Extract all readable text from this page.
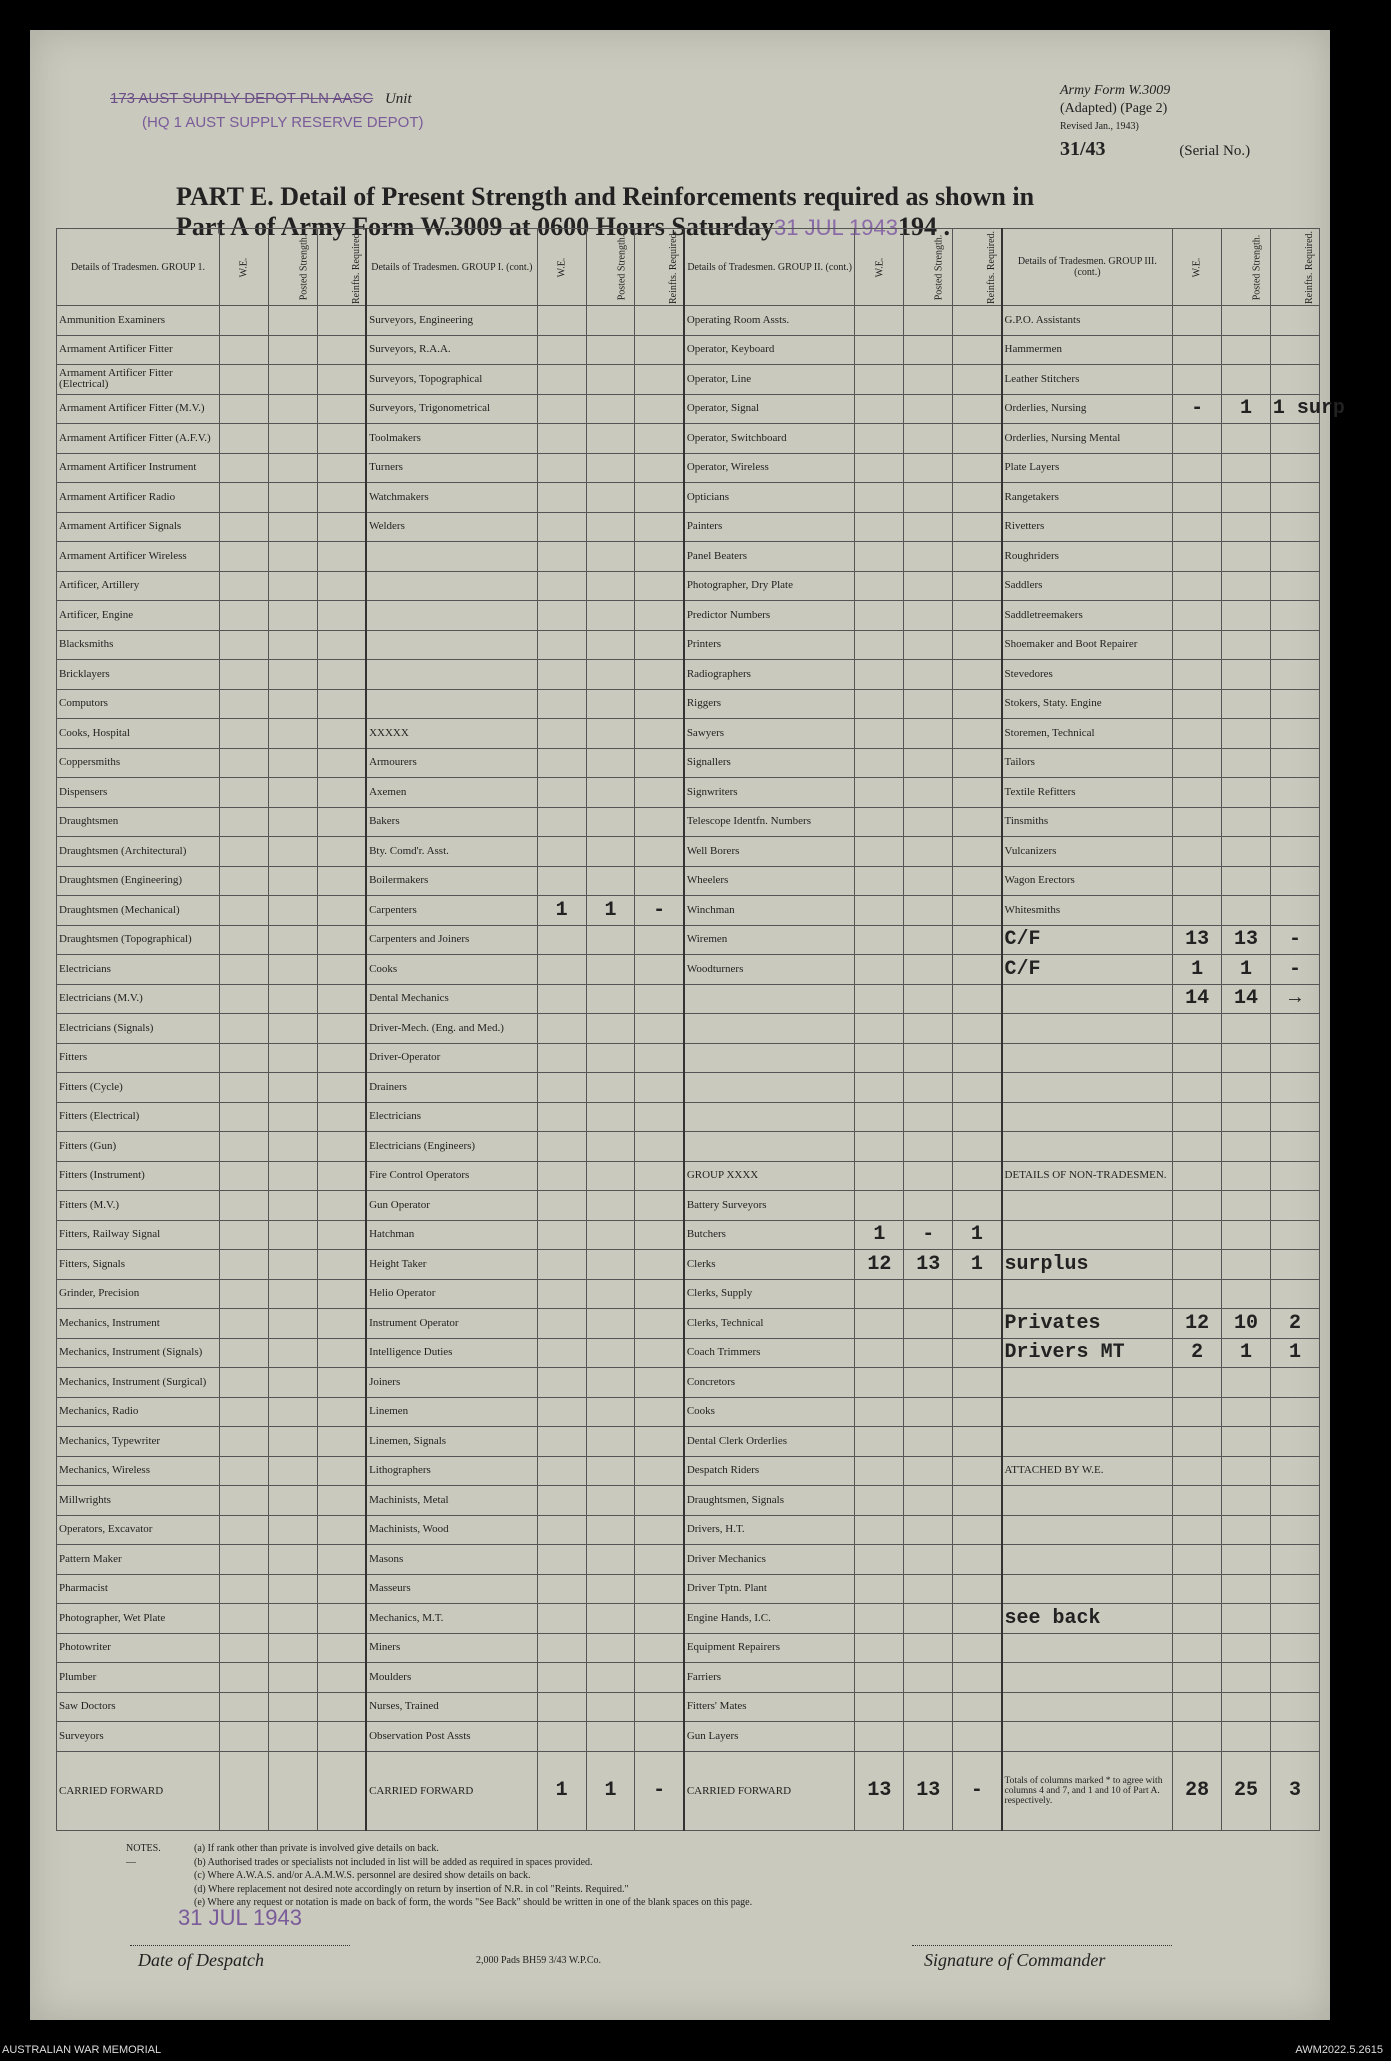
173 AUST SUPPLY DEPOT PLN AASC Unit
(HQ 1 AUST SUPPLY RESERVE DEPOT)
Army Form W.3009
(Adapted) (Page 2)
Revised Jan., 1943)
31/43	(Serial No.)
PART E. Detail of Present Strength and Reinforcements required as shown in
Part A of Army Form W.3009 at 0600 Hours Saturday31 JUL 1943194 .
Details of Tradesmen. GROUP 1.	W.E.	Posted Strength.	Reinfts. Required.	Details of Tradesmen. GROUP I. (cont.)	W.E.	Posted Strength.	Reinfts. Required.	Details of Tradesmen. GROUP II. (cont.)	W.E.	Posted Strength.	Reinfts. Required.	Details of Tradesmen. GROUP III. (cont.)	W.E.	Posted Strength.	Reinfts. Required.
Ammunition Examiners				Surveyors, Engineering				Operating Room Assts.				G.P.O. Assistants			
Armament Artificer Fitter				Surveyors, R.A.A.				Operator, Keyboard				Hammermen			
Armament Artificer Fitter (Electrical)				Surveyors, Topographical				Operator, Line				Leather Stitchers			
Armament Artificer Fitter (M.V.)				Surveyors, Trigonometrical				Operator, Signal				Orderlies, Nursing	-	1	1 surp
Armament Artificer Fitter (A.F.V.)				Toolmakers				Operator, Switchboard				Orderlies, Nursing Mental			
Armament Artificer Instrument				Turners				Operator, Wireless				Plate Layers			
Armament Artificer Radio				Watchmakers				Opticians				Rangetakers			
Armament Artificer Signals				Welders				Painters				Rivetters			
Armament Artificer Wireless								Panel Beaters				Roughriders			
Artificer, Artillery								Photographer, Dry Plate				Saddlers			
Artificer, Engine								Predictor Numbers				Saddletreemakers			
Blacksmiths								Printers				Shoemaker and Boot Repairer			
Bricklayers								Radiographers				Stevedores			
Computors								Riggers				Stokers, Staty. Engine			
Cooks, Hospital				XXXXX				Sawyers				Storemen, Technical			
Coppersmiths				Armourers				Signallers				Tailors			
Dispensers				Axemen				Signwriters				Textile Refitters			
Draughtsmen				Bakers				Telescope Identfn. Numbers				Tinsmiths			
Draughtsmen (Architectural)				Bty. Comd'r. Asst.				Well Borers				Vulcanizers			
Draughtsmen (Engineering)				Boilermakers				Wheelers				Wagon Erectors			
Draughtsmen (Mechanical)				Carpenters	1	1	-	Winchman				Whitesmiths			
Draughtsmen (Topographical)				Carpenters and Joiners				Wiremen				C/F	13	13	-
Electricians				Cooks				Woodturners				C/F	1	1	-
Electricians (M.V.)				Dental Mechanics									14	14	→
Electricians (Signals)				Driver-Mech. (Eng. and Med.)											
Fitters				Driver-Operator											
Fitters (Cycle)				Drainers											
Fitters (Electrical)				Electricians											
Fitters (Gun)				Electricians (Engineers)											
Fitters (Instrument)				Fire Control Operators				GROUP XXXX				DETAILS OF NON-TRADESMEN.			
Fitters (M.V.)				Gun Operator				Battery Surveyors							
Fitters, Railway Signal				Hatchman				Butchers	1	-	1				
Fitters, Signals				Height Taker				Clerks	12	13	1	surplus			
Grinder, Precision				Helio Operator				Clerks, Supply							
Mechanics, Instrument				Instrument Operator				Clerks, Technical				Privates	12	10	2
Mechanics, Instrument (Signals)				Intelligence Duties				Coach Trimmers				Drivers MT	2	1	1
Mechanics, Instrument (Surgical)				Joiners				Concretors							
Mechanics, Radio				Linemen				Cooks							
Mechanics, Typewriter				Linemen, Signals				Dental Clerk Orderlies							
Mechanics, Wireless				Lithographers				Despatch Riders				ATTACHED BY W.E.			
Millwrights				Machinists, Metal				Draughtsmen, Signals							
Operators, Excavator				Machinists, Wood				Drivers, H.T.							
Pattern Maker				Masons				Driver Mechanics							
Pharmacist				Masseurs				Driver Tptn. Plant							
Photographer, Wet Plate				Mechanics, M.T.				Engine Hands, I.C.				see back			
Photowriter				Miners				Equipment Repairers							
Plumber				Moulders				Farriers							
Saw Doctors				Nurses, Trained				Fitters' Mates							
Surveyors				Observation Post Assts				Gun Layers							
CARRIED FORWARD				CARRIED FORWARD	1	1	-	CARRIED FORWARD	13	13	-	Totals of columns marked * to agree with columns 4 and 7, and 1 and 10 of Part A. respectively.	28	25	3
NOTES.—
(a) If rank other than private is involved give details on back.
(b) Authorised trades or specialists not included in list will be added as required in spaces provided.
(c) Where A.W.A.S. and/or A.A.M.W.S. personnel are desired show details on back.
(d) Where replacement not desired note accordingly on return by insertion of N.R. in col "Reints. Required."
(e) Where any request or notation is made on back of form, the words "See Back" should be written in one of the blank spaces on this page.
31 JUL 1943
Date of Despatch	2,000 Pads BH59 3/43 W.P.Co.	Signature of Commander
AUSTRALIAN WAR MEMORIAL	AWM2022.5.2615
